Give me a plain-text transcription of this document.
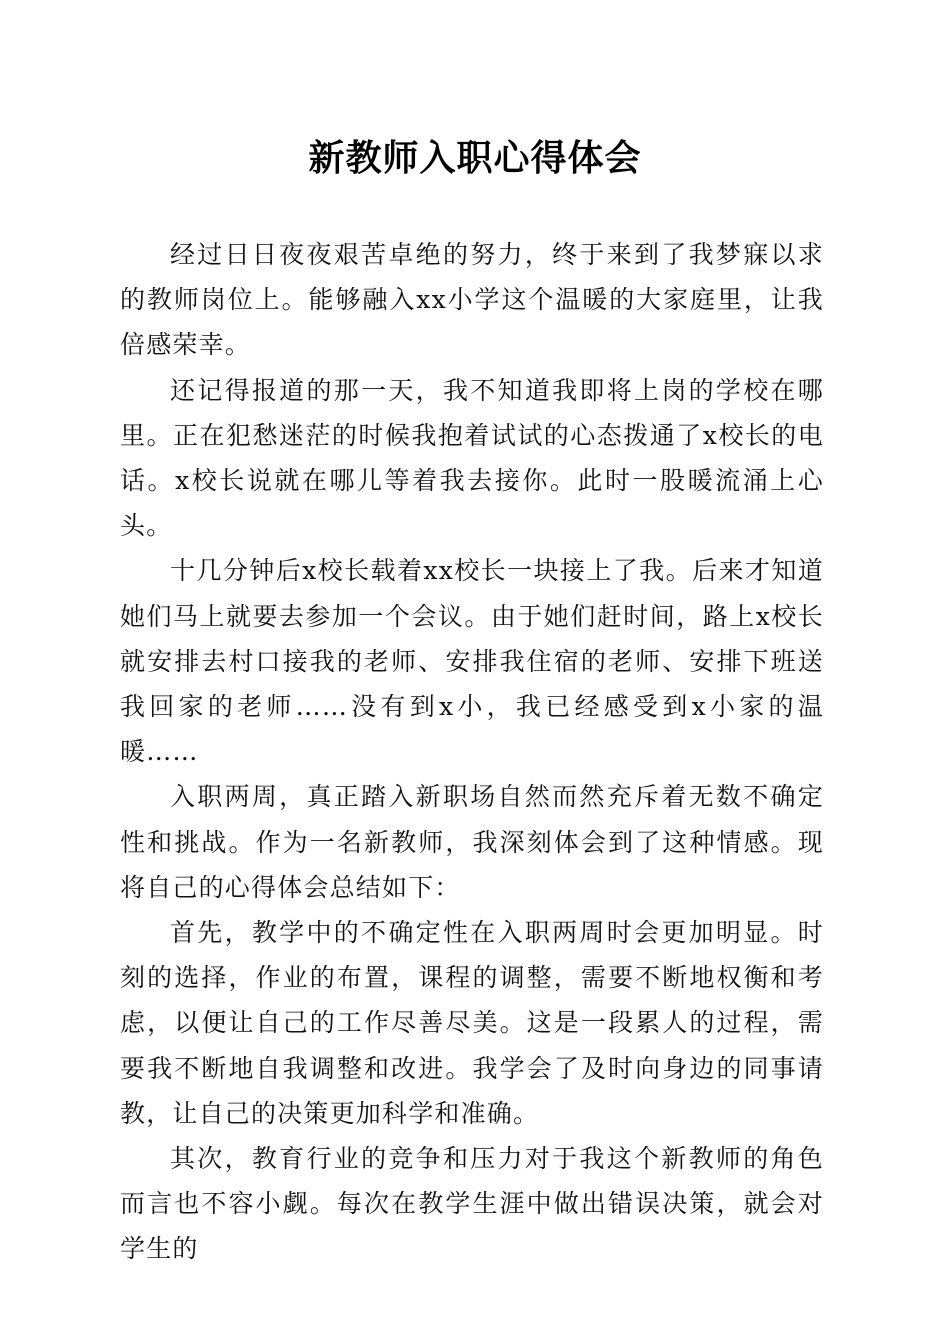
新教师入职心得体会

经过日日夜夜艰苦卓绝的努力，终于来到了我梦寐以求的教师岗位上。能够融入xx小学这个温暖的大家庭里，让我倍感荣幸。

还记得报道的那一天，我不知道我即将上岗的学校在哪里。正在犯愁迷茫的时候我抱着试试的心态拨通了x校长的电话。x校长说就在哪儿等着我去接你。此时一股暖流涌上心头。

十几分钟后x校长载着xx校长一块接上了我。后来才知道她们马上就要去参加一个会议。由于她们赶时间，路上x校长就安排去村口接我的老师、安排我住宿的老师、安排下班送我回家的老师……没有到x小，我已经感受到x小家的温暖……

入职两周，真正踏入新职场自然而然充斥着无数不确定性和挑战。作为一名新教师，我深刻体会到了这种情感。现将自己的心得体会总结如下：

首先，教学中的不确定性在入职两周时会更加明显。时刻的选择，作业的布置，课程的调整，需要不断地权衡和考虑，以便让自己的工作尽善尽美。这是一段累人的过程，需要我不断地自我调整和改进。我学会了及时向身边的同事请教，让自己的决策更加科学和准确。

其次，教育行业的竞争和压力对于我这个新教师的角色而言也不容小觑。每次在教学生涯中做出错误决策，就会对学生的
